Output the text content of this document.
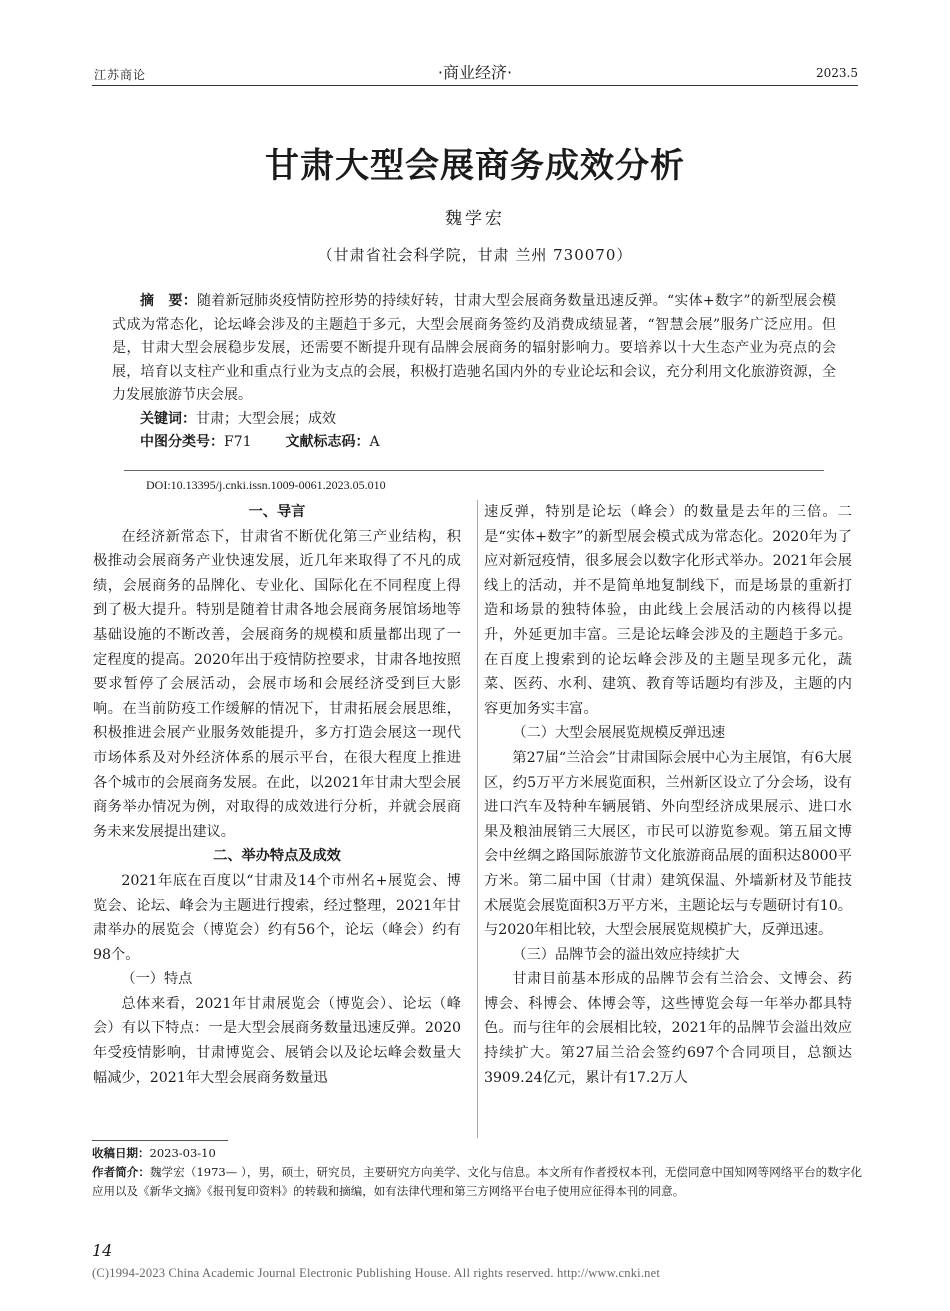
江苏商论	·商业经济·	2023.5
甘肃大型会展商务成效分析
魏学宏
（甘肃省社会科学院，甘肃 兰州 730070）
摘　要：随着新冠肺炎疫情防控形势的持续好转，甘肃大型会展商务数量迅速反弹。“实体+数字”的新型展会模式成为常态化，论坛峰会涉及的主题趋于多元，大型会展商务签约及消费成绩显著，“智慧会展”服务广泛应用。但是，甘肃大型会展稳步发展，还需要不断提升现有品牌会展商务的辐射影响力。要培养以十大生态产业为亮点的会展，培育以支柱产业和重点行业为支点的会展，积极打造驰名国内外的专业论坛和会议，充分利用文化旅游资源，全力发展旅游节庆会展。
关键词：甘肃；大型会展；成效
中图分类号：F71 文献标志码：A
DOI:10.13395/j.cnki.issn.1009-0061.2023.05.010

一、导言

在经济新常态下，甘肃省不断优化第三产业结构，积极推动会展商务产业快速发展，近几年来取得了不凡的成绩，会展商务的品牌化、专业化、国际化在不同程度上得到了极大提升。特别是随着甘肃各地会展商务展馆场地等基础设施的不断改善，会展商务的规模和质量都出现了一定程度的提高。2020年出于疫情防控要求，甘肃各地按照要求暂停了会展活动，会展市场和会展经济受到巨大影响。在当前防疫工作缓解的情况下，甘肃拓展会展思维，积极推进会展产业服务效能提升，多方打造会展这一现代市场体系及对外经济体系的展示平台，在很大程度上推进各个城市的会展商务发展。在此，以2021年甘肃大型会展商务举办情况为例，对取得的成效进行分析，并就会展商务未来发展提出建议。

二、举办特点及成效

2021年底在百度以“甘肃及14个市州名+展览会、博览会、论坛、峰会为主题进行搜索，经过整理，2021年甘肃举办的展览会（博览会）约有56个，论坛（峰会）约有98个。

（一）特点

总体来看，2021年甘肃展览会（博览会）、论坛（峰会）有以下特点：一是大型会展商务数量迅速反弹。2020年受疫情影响，甘肃博览会、展销会以及论坛峰会数量大幅减少，2021年大型会展商务数量迅

速反弹，特别是论坛（峰会）的数量是去年的三倍。二是“实体+数字”的新型展会模式成为常态化。2020年为了应对新冠疫情，很多展会以数字化形式举办。2021年会展线上的活动，并不是简单地复制线下，而是场景的重新打造和场景的独特体验，由此线上会展活动的内核得以提升，外延更加丰富。三是论坛峰会涉及的主题趋于多元。在百度上搜索到的论坛峰会涉及的主题呈现多元化，蔬菜、医药、水利、建筑、教育等话题均有涉及，主题的内容更加务实丰富。

（二）大型会展展览规模反弹迅速

第27届“兰洽会”甘肃国际会展中心为主展馆，有6大展区，约5万平方米展览面积，兰州新区设立了分会场，设有进口汽车及特种车辆展销、外向型经济成果展示、进口水果及粮油展销三大展区，市民可以游览参观。第五届文博会中丝绸之路国际旅游节文化旅游商品展的面积达8000平方米。第二届中国（甘肃）建筑保温、外墙新材及节能技术展览会展览面积3万平方米，主题论坛与专题研讨有10。与2020年相比较，大型会展展览规模扩大，反弹迅速。

（三）品牌节会的溢出效应持续扩大

甘肃目前基本形成的品牌节会有兰洽会、文博会、药博会、科博会、体博会等，这些博览会每一年举办都具特色。而与往年的会展相比较，2021年的品牌节会溢出效应持续扩大。第27届兰洽会签约697个合同项目，总额达3909.24亿元，累计有17.2万人

收稿日期：2023-03-10

作者简介：魏学宏（1973— ），男，硕士，研究员，主要研究方向美学、文化与信息。本文所有作者授权本刊，无偿同意中国知网等网络平台的数字化应用以及《新华文摘》《报刊复印资料》的转载和摘编，如有法律代理和第三方网络平台电子使用应征得本刊的同意。

14
(C)1994-2023 China Academic Journal Electronic Publishing House. All rights reserved. http://www.cnki.net
